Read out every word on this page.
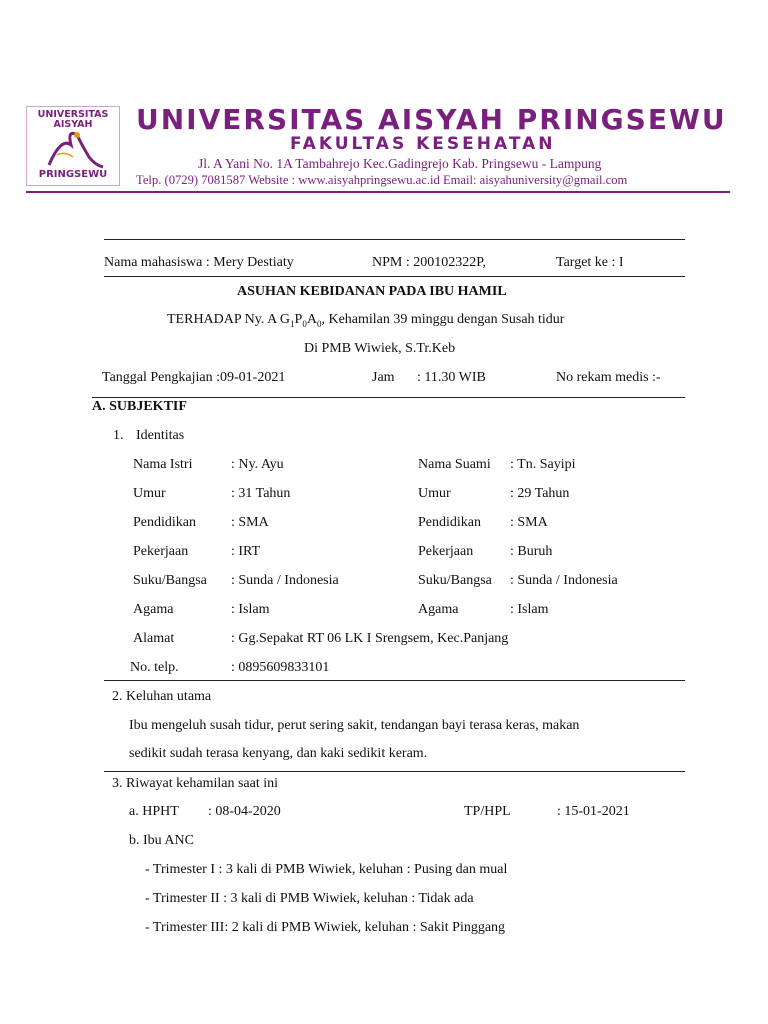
UNIVERSITAS AISYAH
PRINGSEWU
UNIVERSITAS AISYAH PRINGSEWU
FAKULTAS KESEHATAN
Jl. A Yani No. 1A Tambahrejo Kec.Gadingrejo Kab. Pringsewu - Lampung
Telp. (0729) 7081587 Website : www.aisyahpringsewu.ac.id Email: aisyahuniversity@gmail.com
Nama mahasiswa : Mery Destiaty	NPM : 200102322P,	Target ke : I
ASUHAN KEBIDANAN PADA IBU HAMIL
TERHADAP Ny. A $G_1P_0A_0$, Kehamilan 39 minggu dengan Susah tidur
Di PMB Wiwiek, S.Tr.Keb
Tanggal Pengkajian :09-01-2021	Jam : 11.30 WIB	No rekam medis :-
A. SUBJEKTIF
1. Identitas
Nama Istri	: Ny. Ayu	Nama Suami : Tn. Sayipi
Umur	: 31 Tahun	Umur	: 29 Tahun
Pendidikan	: SMA	Pendidikan : SMA
Pekerjaan	: IRT	Pekerjaan	: Buruh
Suku/Bangsa : Sunda / Indonesia	Suku/Bangsa : Sunda / Indonesia
Agama	: Islam	Agama	: Islam
Alamat	: Gg.Sepakat RT 06 LK I Srengsem, Kec.Panjang
No. telp.	: 0895609833101
2. Keluhan utama
Ibu mengeluh susah tidur, perut sering sakit, tendangan bayi terasa keras, makan
sedikit sudah terasa kenyang, dan kaki sedikit keram.
3. Riwayat kehamilan saat ini
a. HPHT : 08-04-2020	TP/HPL	: 15-01-2021
b. Ibu ANC
- Trimester I : 3 kali di PMB Wiwiek, keluhan : Pusing dan mual
- Trimester II : 3 kali di PMB Wiwiek, keluhan : Tidak ada
- Trimester III: 2 kali di PMB Wiwiek, keluhan : Sakit Pinggang
